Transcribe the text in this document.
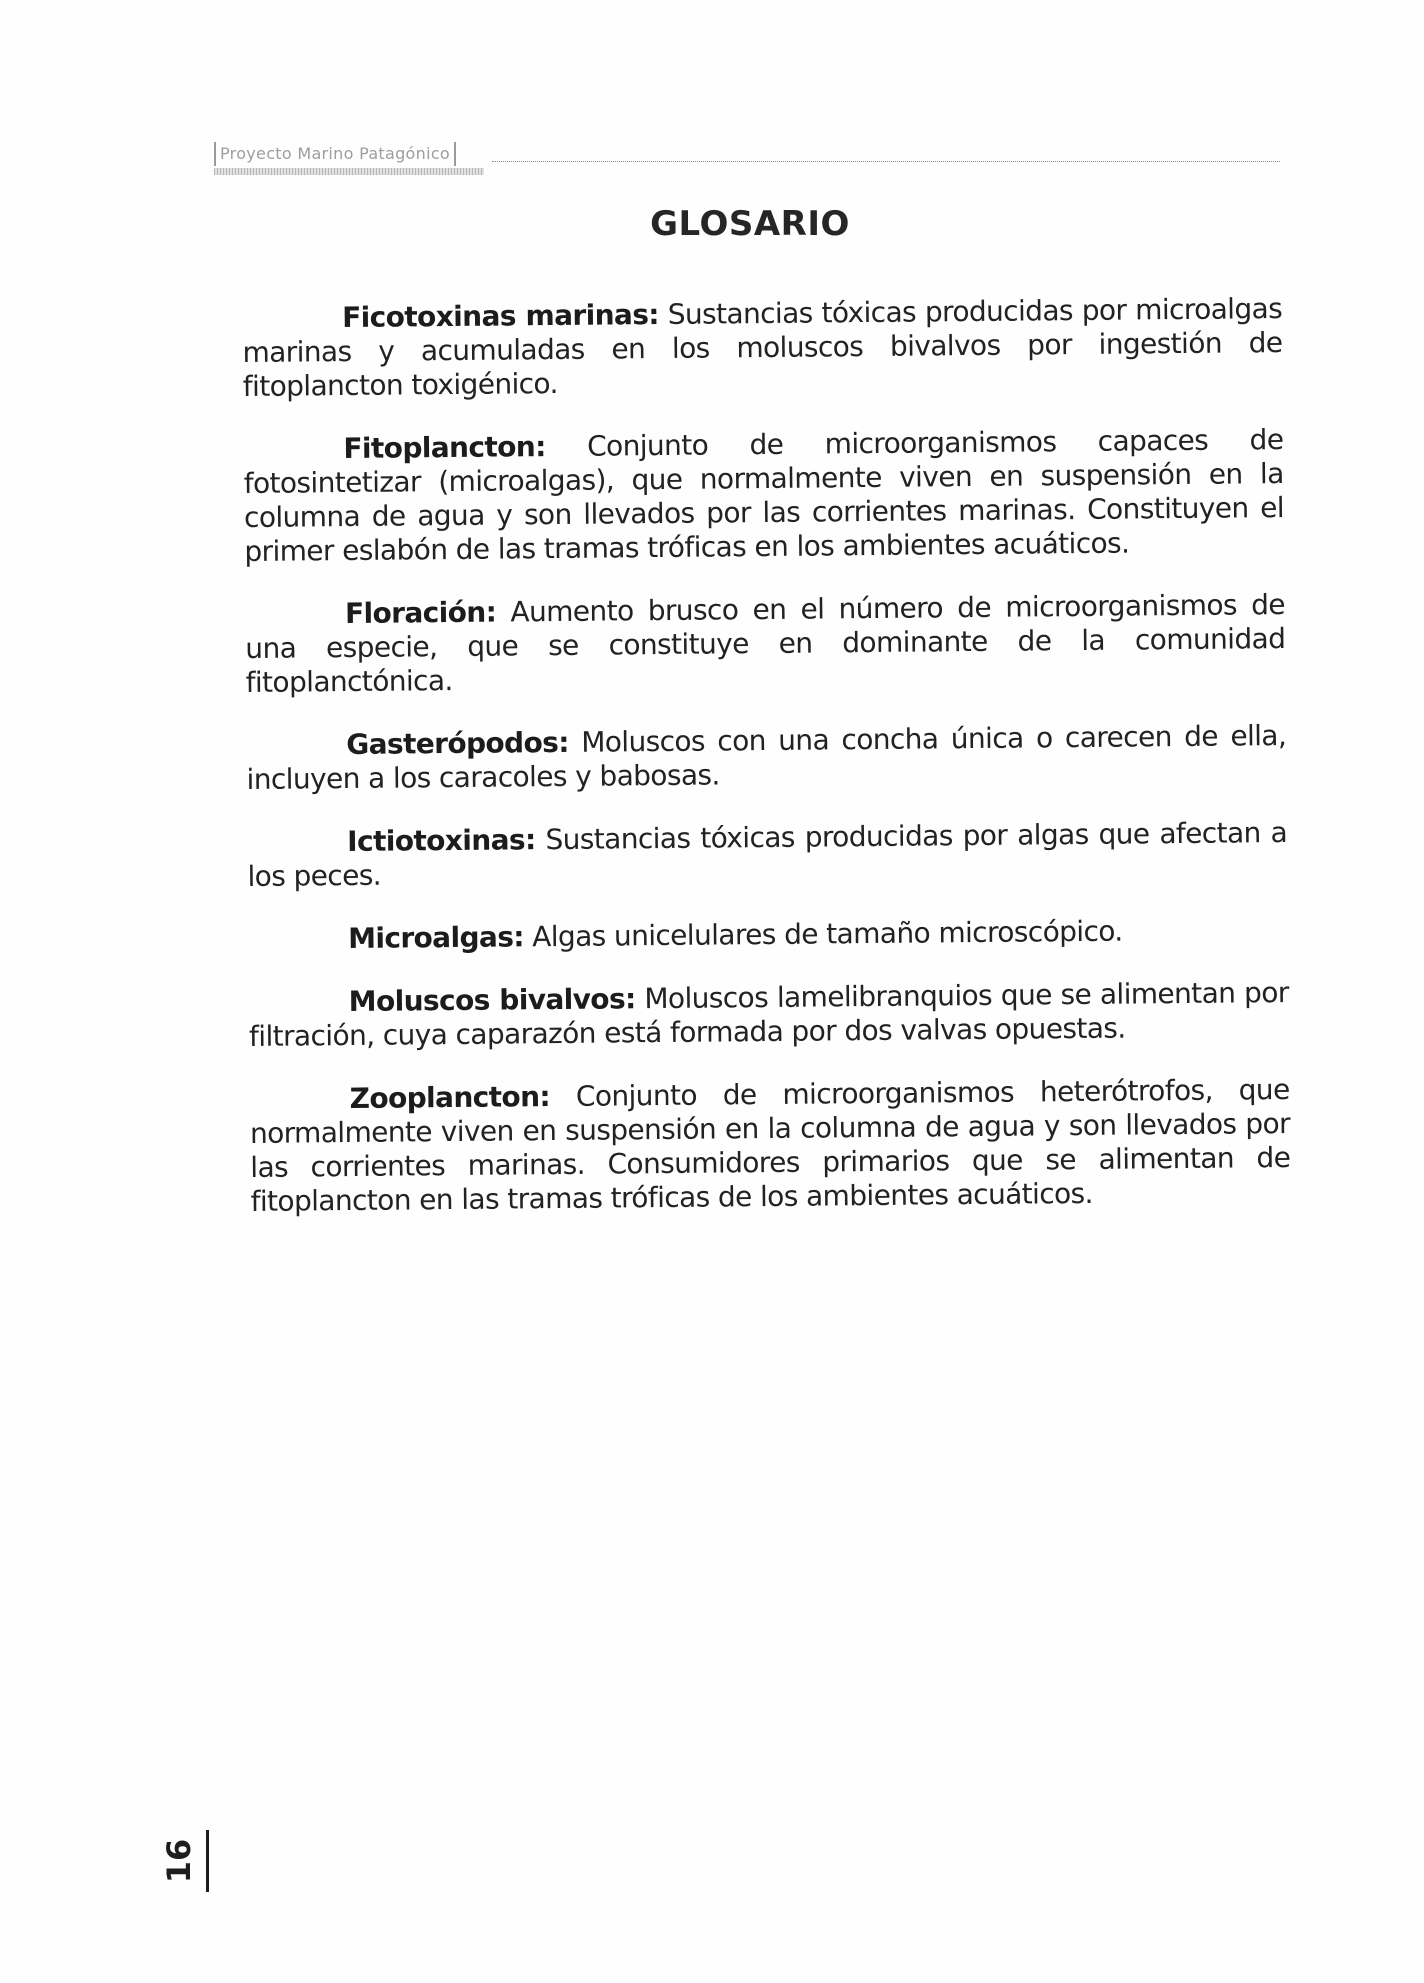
Proyecto Marino Patagónico
GLOSARIO
Ficotoxinas marinas: Sustancias tóxicas producidas por microalgas marinas y acumuladas en los moluscos bivalvos por ingestión de fitoplancton toxigénico.
Fitoplancton: Conjunto de microorganismos capaces de fotosintetizar (microalgas), que normalmente viven en suspensión en la columna de agua y son llevados por las corrientes marinas. Constituyen el primer eslabón de las tramas tróficas en los ambientes acuáticos.
Floración: Aumento brusco en el número de microorganismos de una especie, que se constituye en dominante de la comunidad fitoplanctónica.
Gasterópodos: Moluscos con una concha única o carecen de ella, incluyen a los caracoles y babosas.
Ictiotoxinas: Sustancias tóxicas producidas por algas que afectan a los peces.
Microalgas: Algas unicelulares de tamaño microscópico.
Moluscos bivalvos: Moluscos lamelibranquios que se alimentan por filtración, cuya caparazón está formada por dos valvas opuestas.
Zooplancton: Conjunto de microorganismos heterótrofos, que normalmente viven en suspensión en la columna de agua y son llevados por las corrientes marinas. Consumidores primarios que se alimentan de fitoplancton en las tramas tróficas de los ambientes acuáticos.
16
